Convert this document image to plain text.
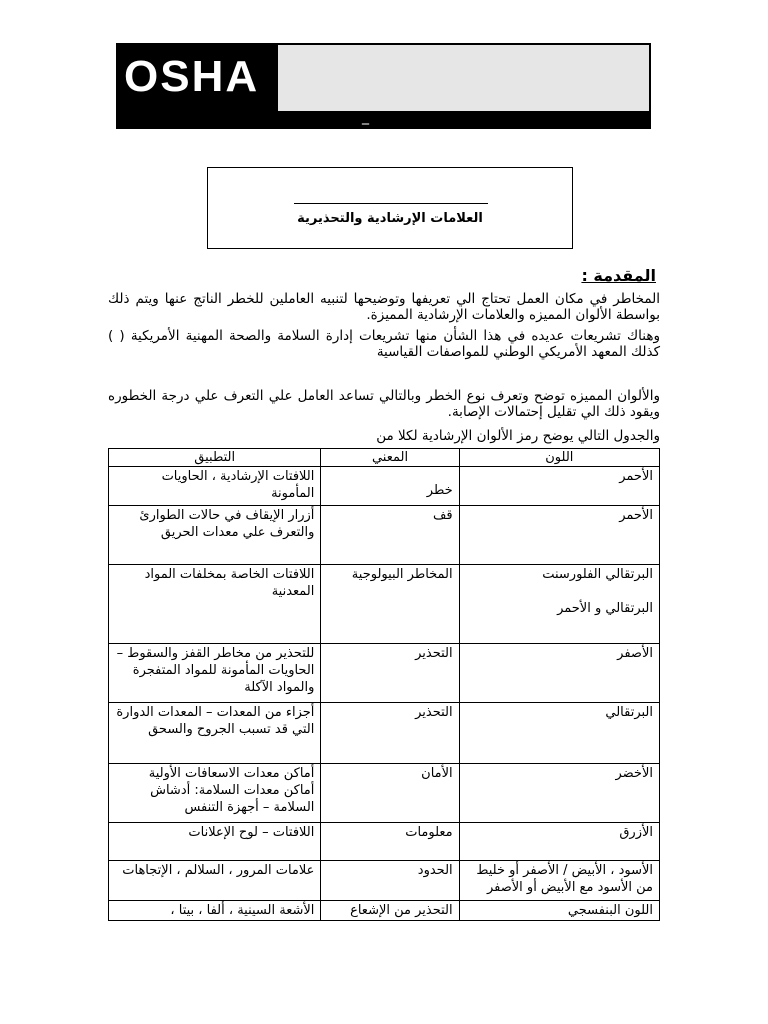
OSHA
_
العلامات الإرشادية والتحذيرية
المقدمة :
المخاطر في مكان العمل تحتاج الي تعريفها وتوضيحها لتنبيه العاملين للخطر الناتج عنها ويتم ذلك بواسطة الألوان المميزه والعلامات الإرشادية المميزة.
وهناك تشريعات عديده في هذا الشأن منها تشريعات إدارة السلامة والصحة المهنية الأمريكية ( ) كذلك المعهد الأمريكي الوطني للمواصفات القياسية
والألوان المميزه توضح وتعرف نوع الخطر وبالتالي تساعد العامل علي التعرف علي درجة الخطوره ويقود ذلك الي تقليل إحتمالات الإصابة.
والجدول التالي يوضح رمز الألوان الإرشادية لكلا من
اللون	المعني	التطبيق
الأحمر	خطر	اللافتات الإرشادية ، الحاويات المأمونة
الأحمر	قف	أزرار الإيقاف في حالات الطوارئ والتعرف علي معدات الحريق
البرتقالي الفلورسنت
البرتقالي و الأحمر	المخاطر البيولوجية	اللافتات الخاصة بمخلفات المواد المعدنية
الأصفر	التحذير	للتحذير من مخاطر القفز والسقوط – الحاويات المأمونة للمواد المتفجرة والمواد الآكلة
البرتقالي	التحذير	أجزاء من المعدات – المعدات الدوارة التي قد تسبب الجروح والسحق
الأخضر	الأمان	أماكن معدات الاسعافات الأولية أماكن معدات السلامة: أدشاش السلامة – أجهزة التنفس
الأزرق	معلومات	اللافتات – لوح الإعلانات
الأسود ، الأبيض / الأصفر أو خليط من الأسود مع الأبيض أو الأصفر	الحدود	علامات المرور ، السلالم ، الإتجاهات
اللون البنفسجي	التحذير من الإشعاع	الأشعة السينية ، ألفا ، بيتا ،
